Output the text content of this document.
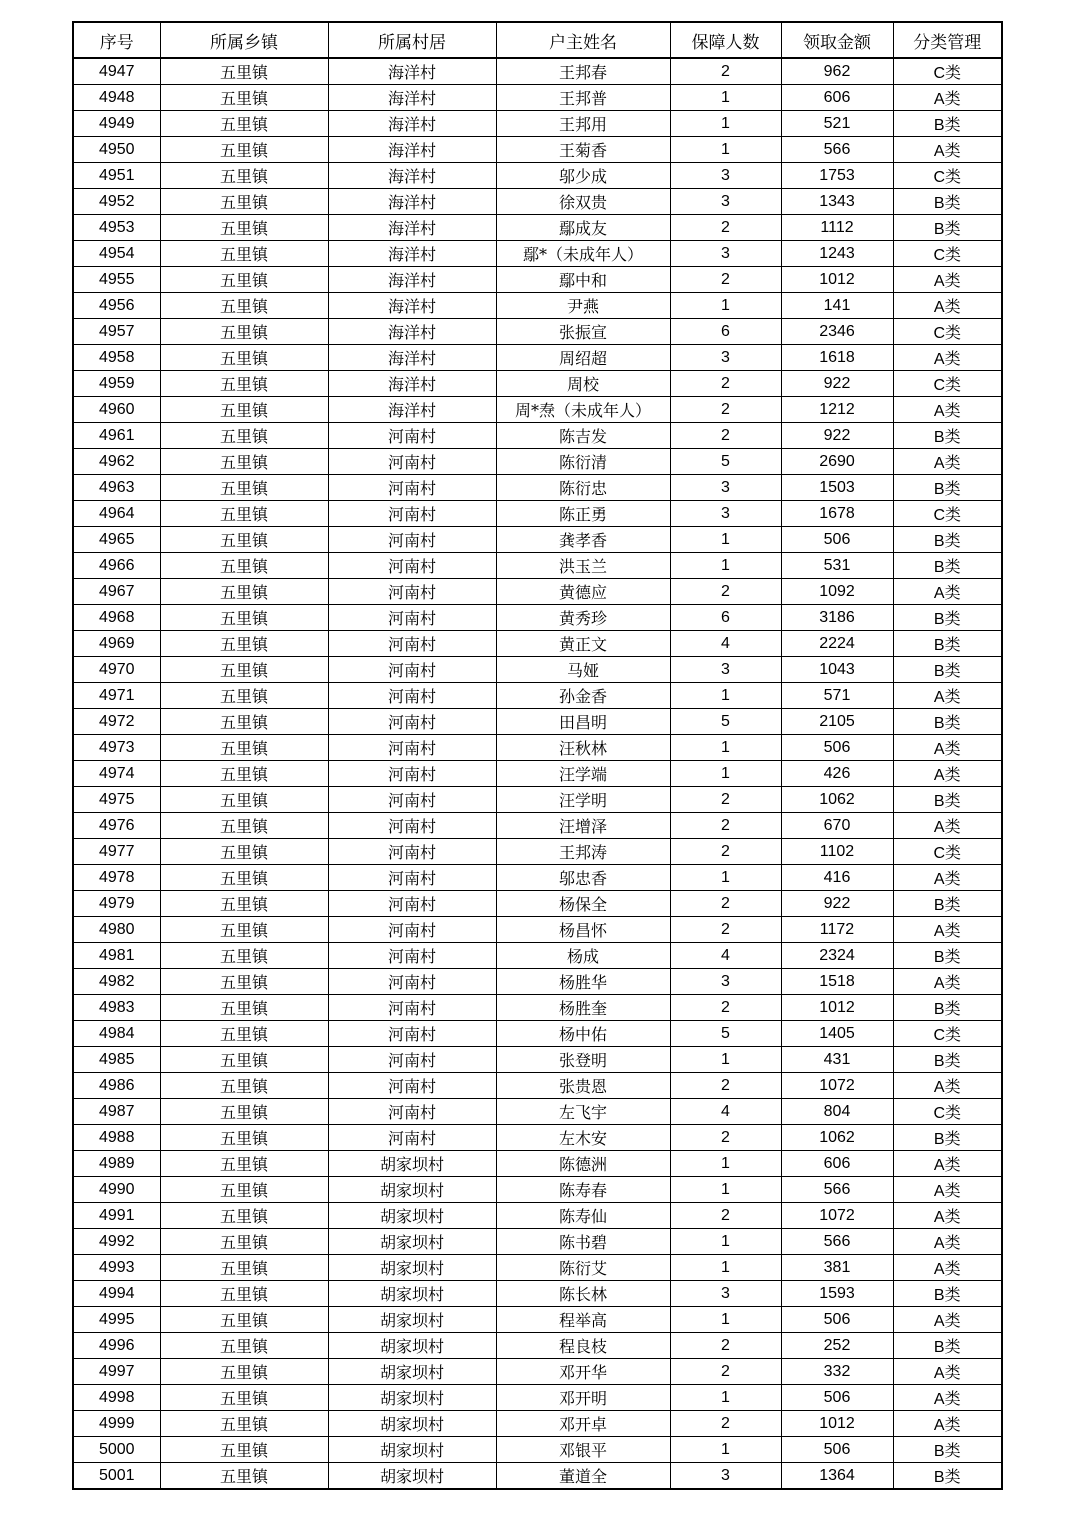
序号	所属乡镇	所属村居	户主姓名	保障人数	领取金额	分类管理
4947	五里镇	海洋村	王邦春	2	962	C类
4948	五里镇	海洋村	王邦普	1	606	A类
4949	五里镇	海洋村	王邦用	1	521	B类
4950	五里镇	海洋村	王菊香	1	566	A类
4951	五里镇	海洋村	邬少成	3	1753	C类
4952	五里镇	海洋村	徐双贵	3	1343	B类
4953	五里镇	海洋村	鄢成友	2	1112	B类
4954	五里镇	海洋村	鄢*（未成年人）	3	1243	C类
4955	五里镇	海洋村	鄢中和	2	1012	A类
4956	五里镇	海洋村	尹燕	1	141	A类
4957	五里镇	海洋村	张振宣	6	2346	C类
4958	五里镇	海洋村	周绍超	3	1618	A类
4959	五里镇	海洋村	周校	2	922	C类
4960	五里镇	海洋村	周*焘（未成年人）	2	1212	A类
4961	五里镇	河南村	陈吉发	2	922	B类
4962	五里镇	河南村	陈衍清	5	2690	A类
4963	五里镇	河南村	陈衍忠	3	1503	B类
4964	五里镇	河南村	陈正勇	3	1678	C类
4965	五里镇	河南村	龚孝香	1	506	B类
4966	五里镇	河南村	洪玉兰	1	531	B类
4967	五里镇	河南村	黄德应	2	1092	A类
4968	五里镇	河南村	黄秀珍	6	3186	B类
4969	五里镇	河南村	黄正文	4	2224	B类
4970	五里镇	河南村	马娅	3	1043	B类
4971	五里镇	河南村	孙金香	1	571	A类
4972	五里镇	河南村	田昌明	5	2105	B类
4973	五里镇	河南村	汪秋林	1	506	A类
4974	五里镇	河南村	汪学端	1	426	A类
4975	五里镇	河南村	汪学明	2	1062	B类
4976	五里镇	河南村	汪增泽	2	670	A类
4977	五里镇	河南村	王邦涛	2	1102	C类
4978	五里镇	河南村	邬忠香	1	416	A类
4979	五里镇	河南村	杨保全	2	922	B类
4980	五里镇	河南村	杨昌怀	2	1172	A类
4981	五里镇	河南村	杨成	4	2324	B类
4982	五里镇	河南村	杨胜华	3	1518	A类
4983	五里镇	河南村	杨胜奎	2	1012	B类
4984	五里镇	河南村	杨中佑	5	1405	C类
4985	五里镇	河南村	张登明	1	431	B类
4986	五里镇	河南村	张贵恩	2	1072	A类
4987	五里镇	河南村	左飞宇	4	804	C类
4988	五里镇	河南村	左木安	2	1062	B类
4989	五里镇	胡家坝村	陈德洲	1	606	A类
4990	五里镇	胡家坝村	陈寿春	1	566	A类
4991	五里镇	胡家坝村	陈寿仙	2	1072	A类
4992	五里镇	胡家坝村	陈书碧	1	566	A类
4993	五里镇	胡家坝村	陈衍艾	1	381	A类
4994	五里镇	胡家坝村	陈长林	3	1593	B类
4995	五里镇	胡家坝村	程举高	1	506	A类
4996	五里镇	胡家坝村	程良枝	2	252	B类
4997	五里镇	胡家坝村	邓开华	2	332	A类
4998	五里镇	胡家坝村	邓开明	1	506	A类
4999	五里镇	胡家坝村	邓开卓	2	1012	A类
5000	五里镇	胡家坝村	邓银平	1	506	B类
5001	五里镇	胡家坝村	董道全	3	1364	B类
